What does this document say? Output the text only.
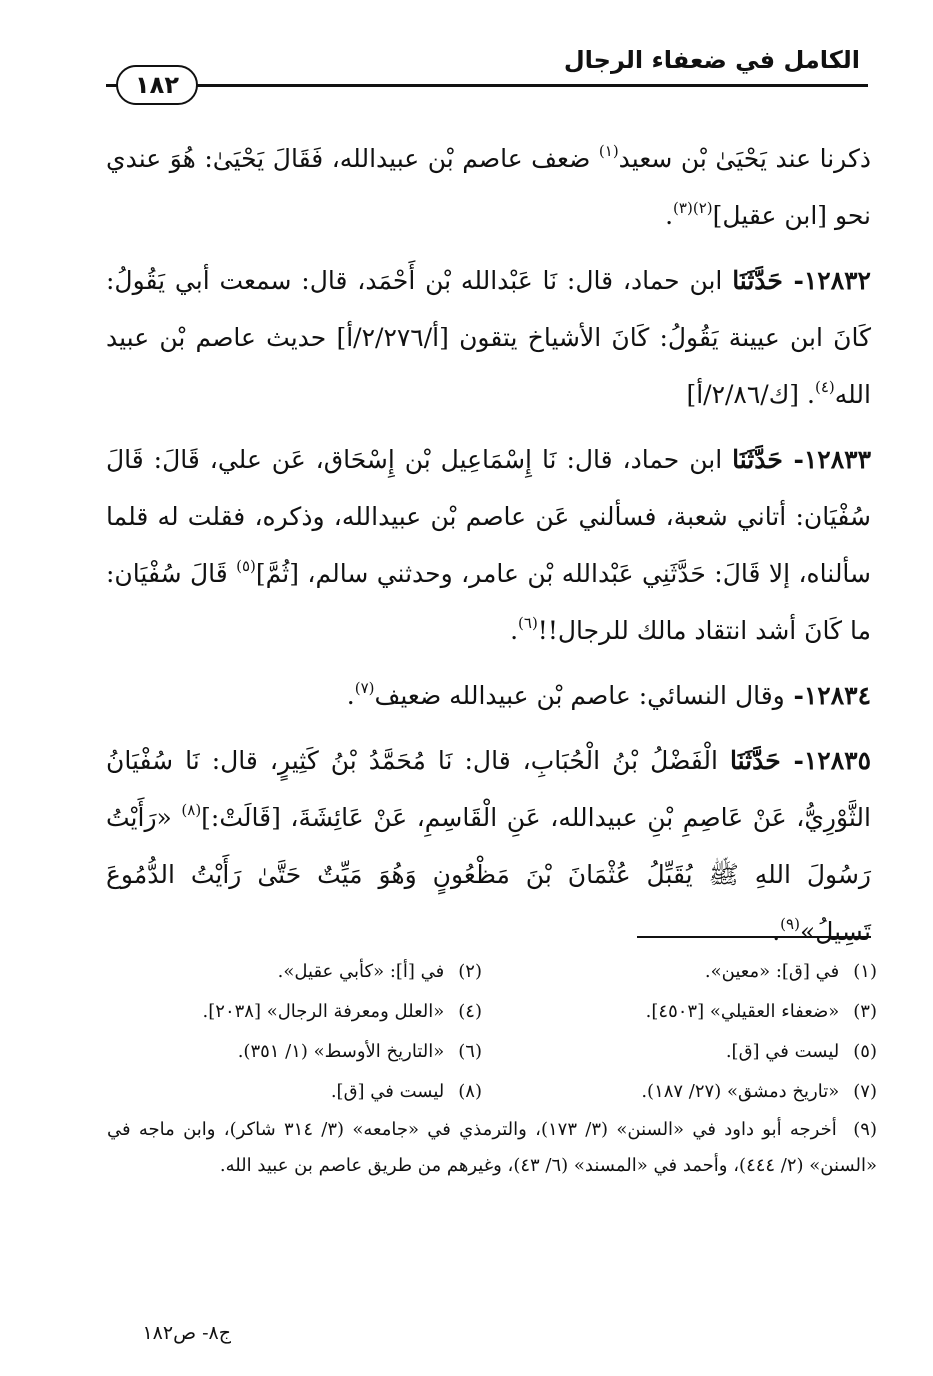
الكامل في ضعفاء الرجال
١٨٢

ذكرنا عند يَحْيَىٰ بْن سعيد$^{(١)}$ ضعف عاصم بْن عبيدالله، فَقَالَ يَحْيَىٰ: هُوَ عندي نحو [ابن عقيل]$^{(٢)(٣)}$.

١٢٨٣٢- حَدَّثَنَا ابن حماد، قال: نَا عَبْدالله بْن أَحْمَد، قال: سمعت أبي يَقُولُ: كَانَ ابن عيينة يَقُولُ: كَانَ الأشياخ يتقون [أ/٢/٢٧٦/أ] حديث عاصم بْن عبيد الله$^{(٤)}$. [ك/٢/٨٦/أ]

١٢٨٣٣- حَدَّثَنَا ابن حماد، قال: نَا إِسْمَاعِيل بْن إِسْحَاق، عَن علي، قَالَ: قَالَ سُفْيَان: أتاني شعبة، فسألني عَن عاصم بْن عبيدالله، وذكره، فقلت له قلما سألناه، إلا قَالَ: حَدَّثَنِي عَبْدالله بْن عامر، وحدثني سالم، [ثُمَّ]$^{(٥)}$ قَالَ سُفْيَان: ما كَانَ أشد انتقاد مالك للرجال!!$^{(٦)}$.

١٢٨٣٤- وقال النسائي: عاصم بْن عبيدالله ضعيف$^{(٧)}$.

١٢٨٣٥- حَدَّثَنَا الْفَضْلُ بْنُ الْحُبَابِ، قال: نَا مُحَمَّدُ بْنُ كَثِيرٍ، قال: نَا سُفْيَانُ الثَّوْرِيُّ، عَنْ عَاصِمِ بْنِ عبيدالله، عَنِ الْقَاسِمِ، عَنْ عَائِشَةَ، [قَالَتْ:]$^{(٨)}$ «رَأَيْتُ رَسُولَ اللهِ ﷺ يُقَبِّلُ عُثْمَانَ بْنَ مَظْعُونٍ وَهُوَ مَيِّتٌ حَتَّىٰ رَأَيْتُ الدُّمُوعَ تَسِيلُ»$^{(٩)}$.

(١) في [ق]: «معين».
(٢) في [أ]: «كأبي عقيل».
(٣) «ضعفاء العقيلي» [٤٥٠٣].
(٤) «العلل ومعرفة الرجال» [٢٠٣٨].
(٥) ليست في [ق].
(٦) «التاريخ الأوسط» (١/ ٣٥١).
(٧) «تاريخ دمشق» (٢٧/ ١٨٧).
(٨) ليست في [ق].
(٩) أخرجه أبو داود في «السنن» (٣/ ١٧٣)، والترمذي في «جامعه» (٣/ ٣١٤ شاكر)، وابن ماجه في «السنن» (٢/ ٤٤٤)، وأحمد في «المسند» (٦/ ٤٣)، وغيرهم من طريق عاصم بن عبيد الله.
ج٨- ص١٨٢
